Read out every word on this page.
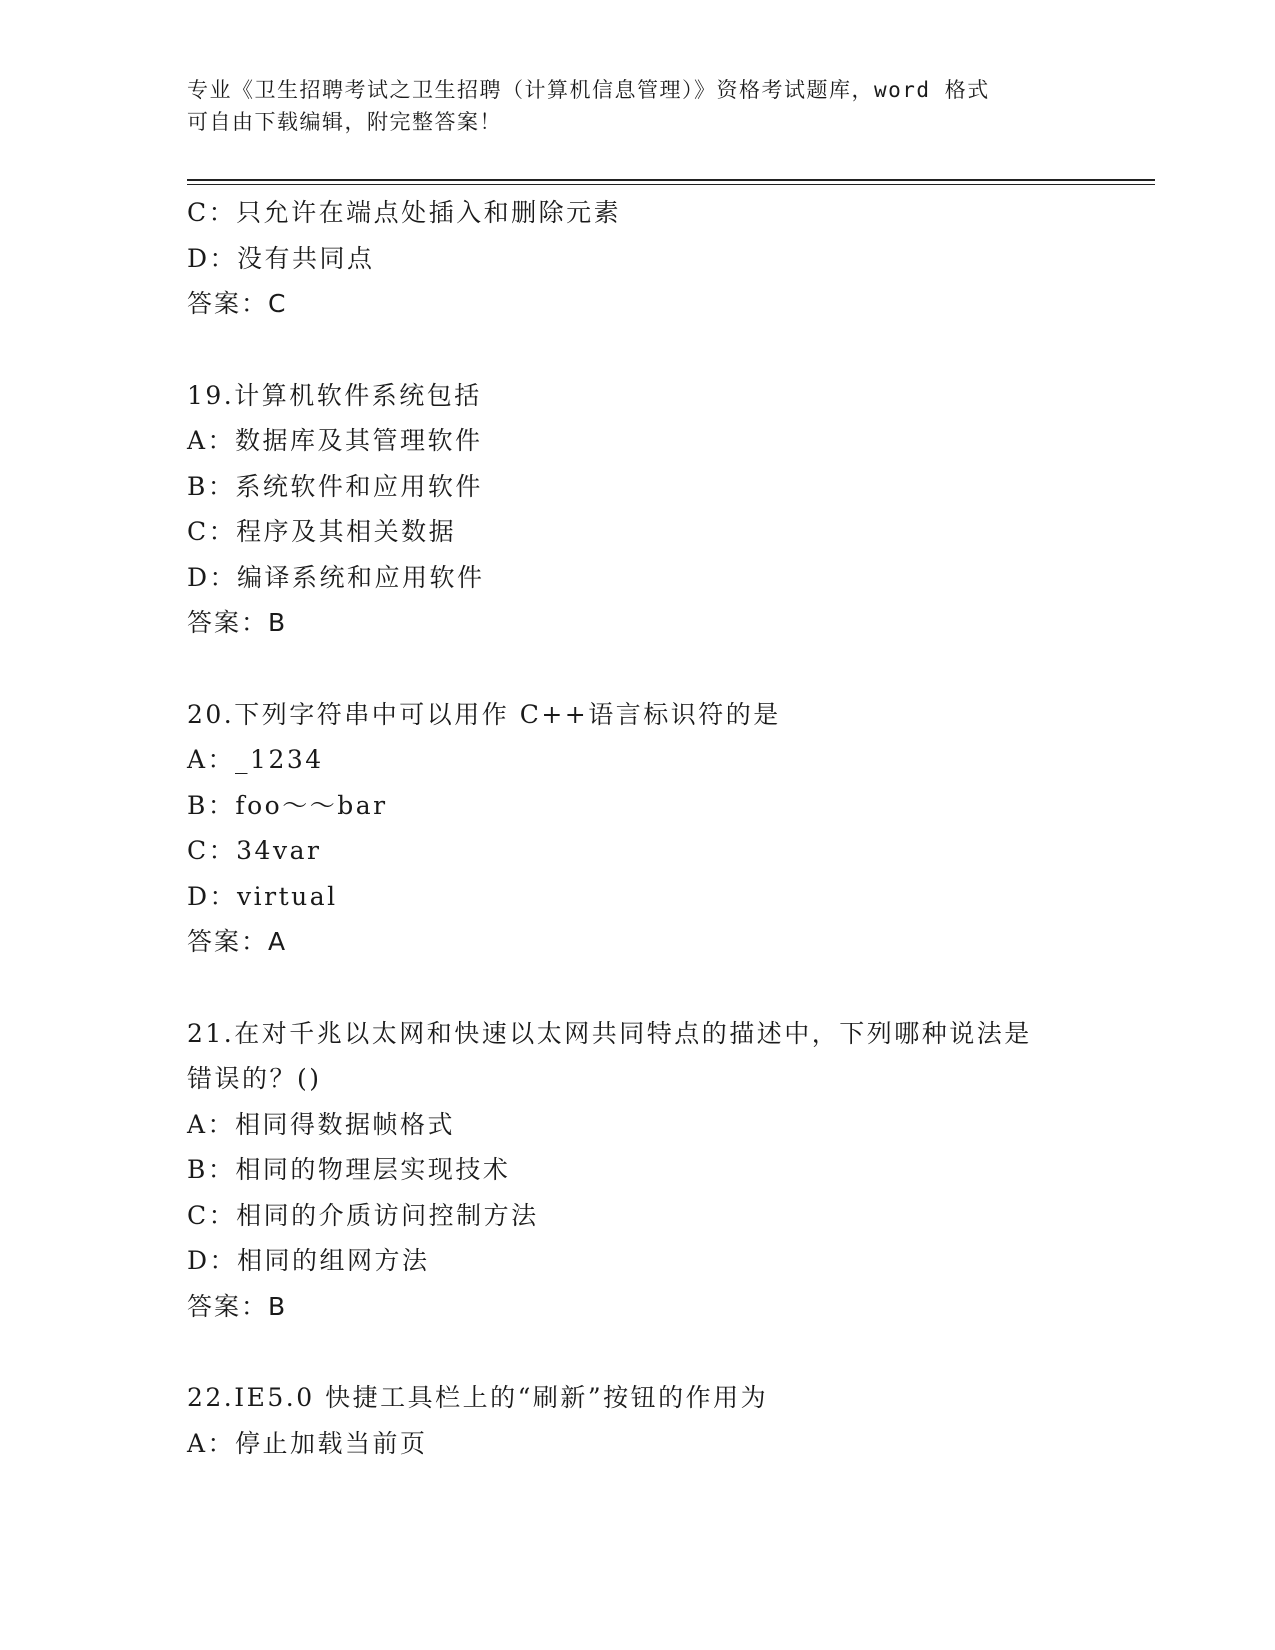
专业《卫生招聘考试之卫生招聘（计算机信息管理）》资格考试题库，word 格式
可自由下载编辑，附完整答案！
C：只允许在端点处插入和删除元素
D：没有共同点
答案：C
19.计算机软件系统包括
A：数据库及其管理软件
B：系统软件和应用软件
C：程序及其相关数据
D：编译系统和应用软件
答案：B
20.下列字符串中可以用作 C++语言标识符的是
A：_1234
B：foo～～bar
C：34var
D：virtual
答案：A
21.在对千兆以太网和快速以太网共同特点的描述中，下列哪种说法是
错误的？()
A：相同得数据帧格式
B：相同的物理层实现技术
C：相同的介质访问控制方法
D：相同的组网方法
答案：B
22.IE5.0 快捷工具栏上的“刷新”按钮的作用为
A：停止加载当前页
